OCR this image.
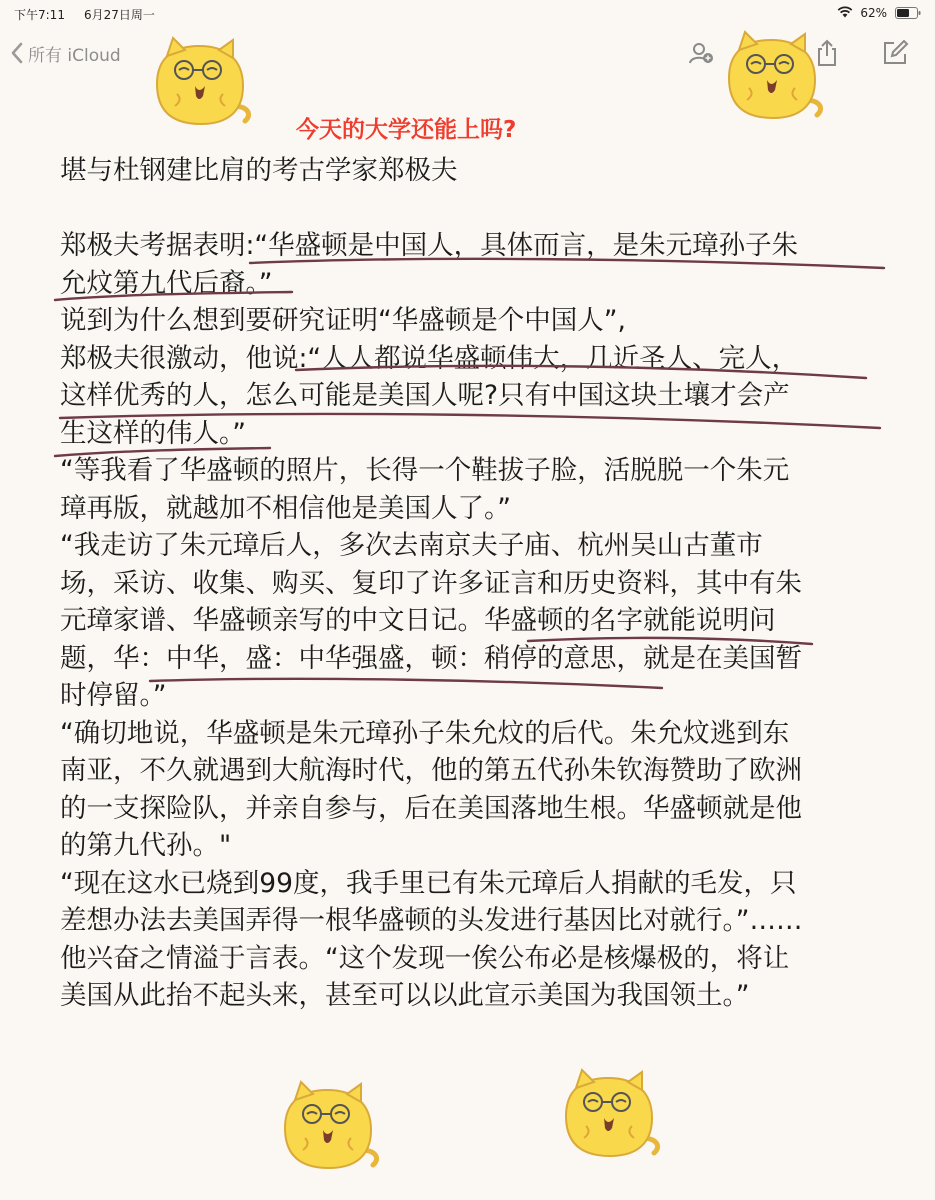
下午7:11 6月27日周一	62%
所有 iCloud
今天的大学还能上吗?

堪与杜钢建比肩的考古学家郑极夫

郑极夫考据表明:“华盛顿是中国人，具体而言，是朱元璋孙子朱

允炆第九代后裔。”

说到为什么想到要研究证明“华盛顿是个中国人”,

郑极夫很激动，他说:“人人都说华盛顿伟大，几近圣人、完人，

这样优秀的人，怎么可能是美国人呢?只有中国这块土壤才会产

生这样的伟人。”

“等我看了华盛顿的照片，长得一个鞋拔子脸，活脱脱一个朱元

璋再版，就越加不相信他是美国人了。”

“我走访了朱元璋后人，多次去南京夫子庙、杭州吴山古董市

场，采访、收集、购买、复印了许多证言和历史资料，其中有朱

元璋家谱、华盛顿亲写的中文日记。华盛顿的名字就能说明问

题，华：中华，盛：中华强盛，顿：稍停的意思，就是在美国暂

时停留。”

“确切地说，华盛顿是朱元璋孙子朱允炆的后代。朱允炆逃到东

南亚，不久就遇到大航海时代，他的第五代孙朱钦海赞助了欧洲

的一支探险队，并亲自参与，后在美国落地生根。华盛顿就是他

的第九代孙。"

“现在这水已烧到99度，我手里已有朱元璋后人捐献的毛发，只

差想办法去美国弄得一根华盛顿的头发进行基因比对就行。”……

他兴奋之情溢于言表。“这个发现一俟公布必是核爆极的，将让

美国从此抬不起头来，甚至可以以此宣示美国为我国领土。”
